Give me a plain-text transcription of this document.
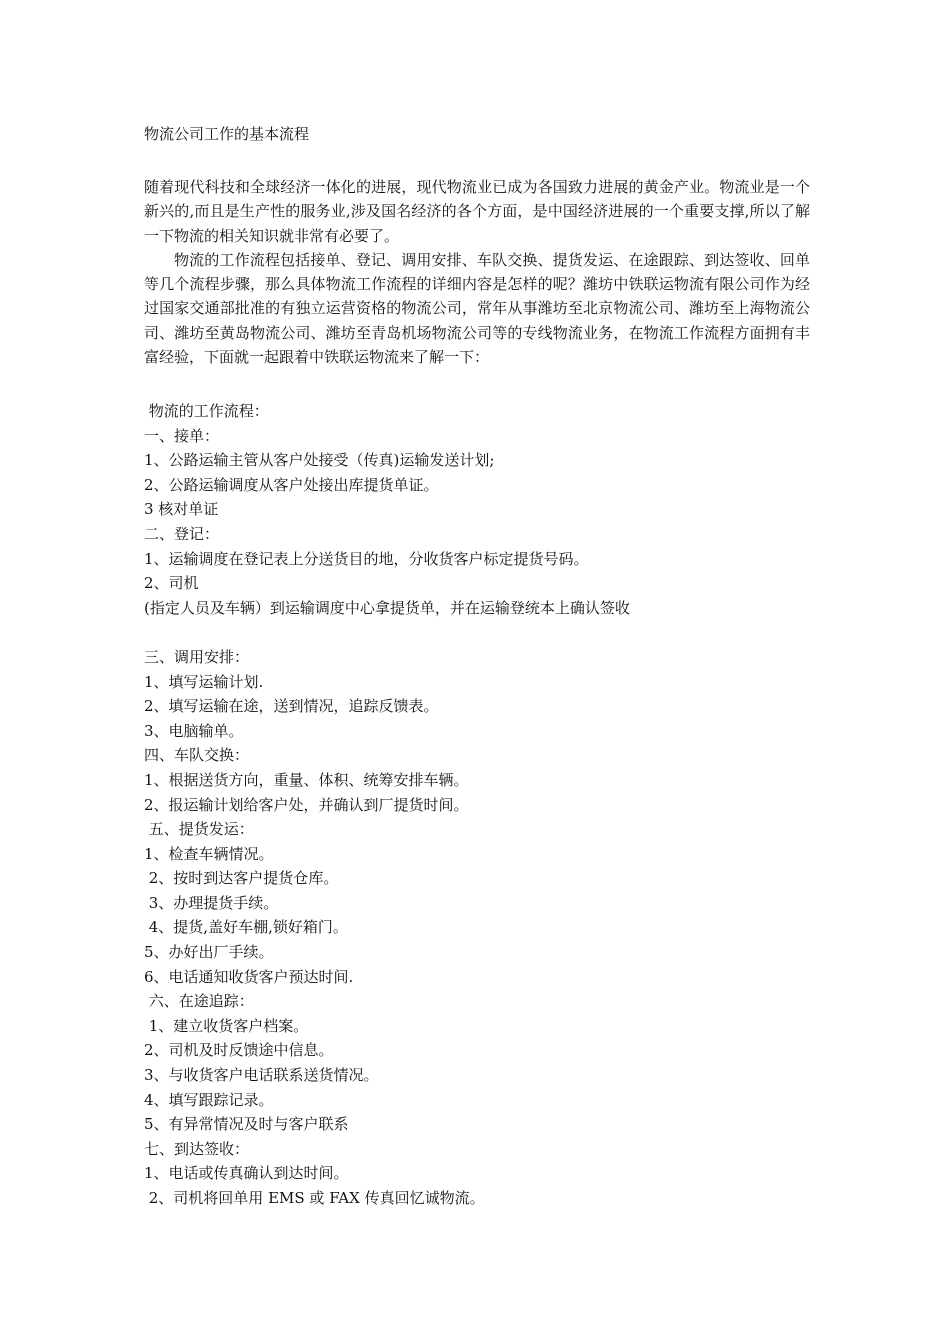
物流公司工作的基本流程

随着现代科技和全球经济一体化的进展，现代物流业已成为各国致力进展的黄金产业。物流业是一个新兴的,而且是生产性的服务业,涉及国名经济的各个方面，是中国经济进展的一个重要支撑,所以了解一下物流的相关知识就非常有必要了。

物流的工作流程包括接单、登记、调用安排、车队交换、提货发运、在途跟踪、到达签收、回单等几个流程步骤，那么具体物流工作流程的详细内容是怎样的呢？潍坊中铁联运物流有限公司作为经过国家交通部批准的有独立运营资格的物流公司，常年从事潍坊至北京物流公司、潍坊至上海物流公司、潍坊至黄岛物流公司、潍坊至青岛机场物流公司等的专线物流业务，在物流工作流程方面拥有丰富经验，下面就一起跟着中铁联运物流来了解一下：

物流的工作流程：
一、接单：
1、公路运输主管从客户处接受（传真)运输发送计划;
2、公路运输调度从客户处接出库提货单证。
3 核对单证
二、登记：
1、运输调度在登记表上分送货目的地，分收货客户标定提货号码。
2、司机
(指定人员及车辆）到运输调度中心拿提货单，并在运输登统本上确认签收
三、调用安排：
1、填写运输计划.
2、填写运输在途，送到情况，追踪反馈表。
3、电脑输单。
四、车队交换：
1、根据送货方向，重量、体积、统筹安排车辆。
2、报运输计划给客户处，并确认到厂提货时间。
五、提货发运：
1、检查车辆情况。
2、按时到达客户提货仓库。
3、办理提货手续。
4、提货,盖好车棚,锁好箱门。
5、办好出厂手续。
6、电话通知收货客户预达时间.
六、在途追踪：
1、建立收货客户档案。
2、司机及时反馈途中信息。
3、与收货客户电话联系送货情况。
4、填写跟踪记录。
5、有异常情况及时与客户联系
七、到达签收：
1、电话或传真确认到达时间。
2、司机将回单用 EMS 或 FAX 传真回忆诚物流。
